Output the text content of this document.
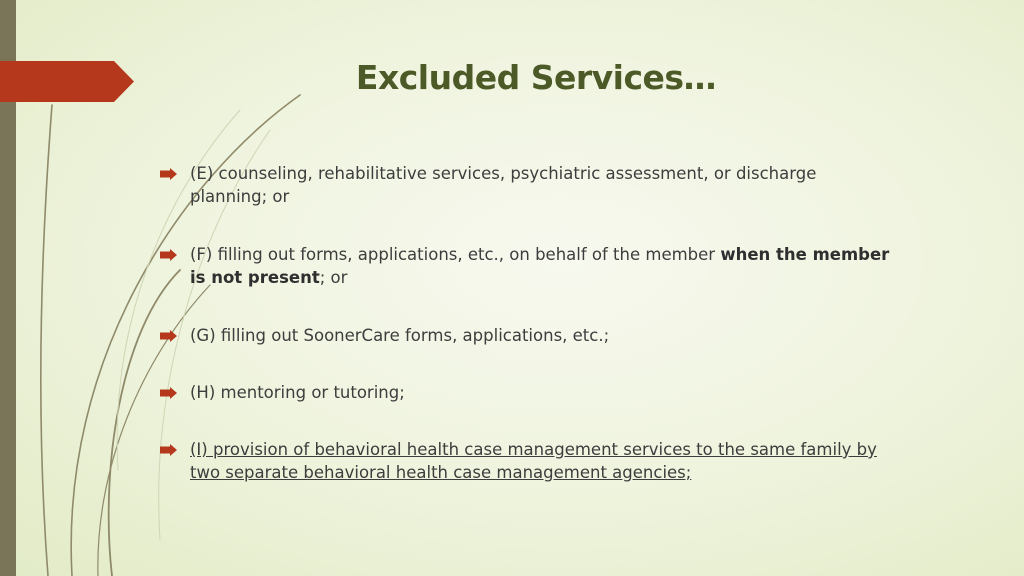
Excluded Services…
(E) counseling, rehabilitative services, psychiatric assessment, or discharge planning; or
(F) filling out forms, applications, etc., on behalf of the member when the member is not present; or
(G) filling out SoonerCare forms, applications, etc.;
(H) mentoring or tutoring;
(I) provision of behavioral health case management services to the same family by two separate behavioral health case management agencies;
